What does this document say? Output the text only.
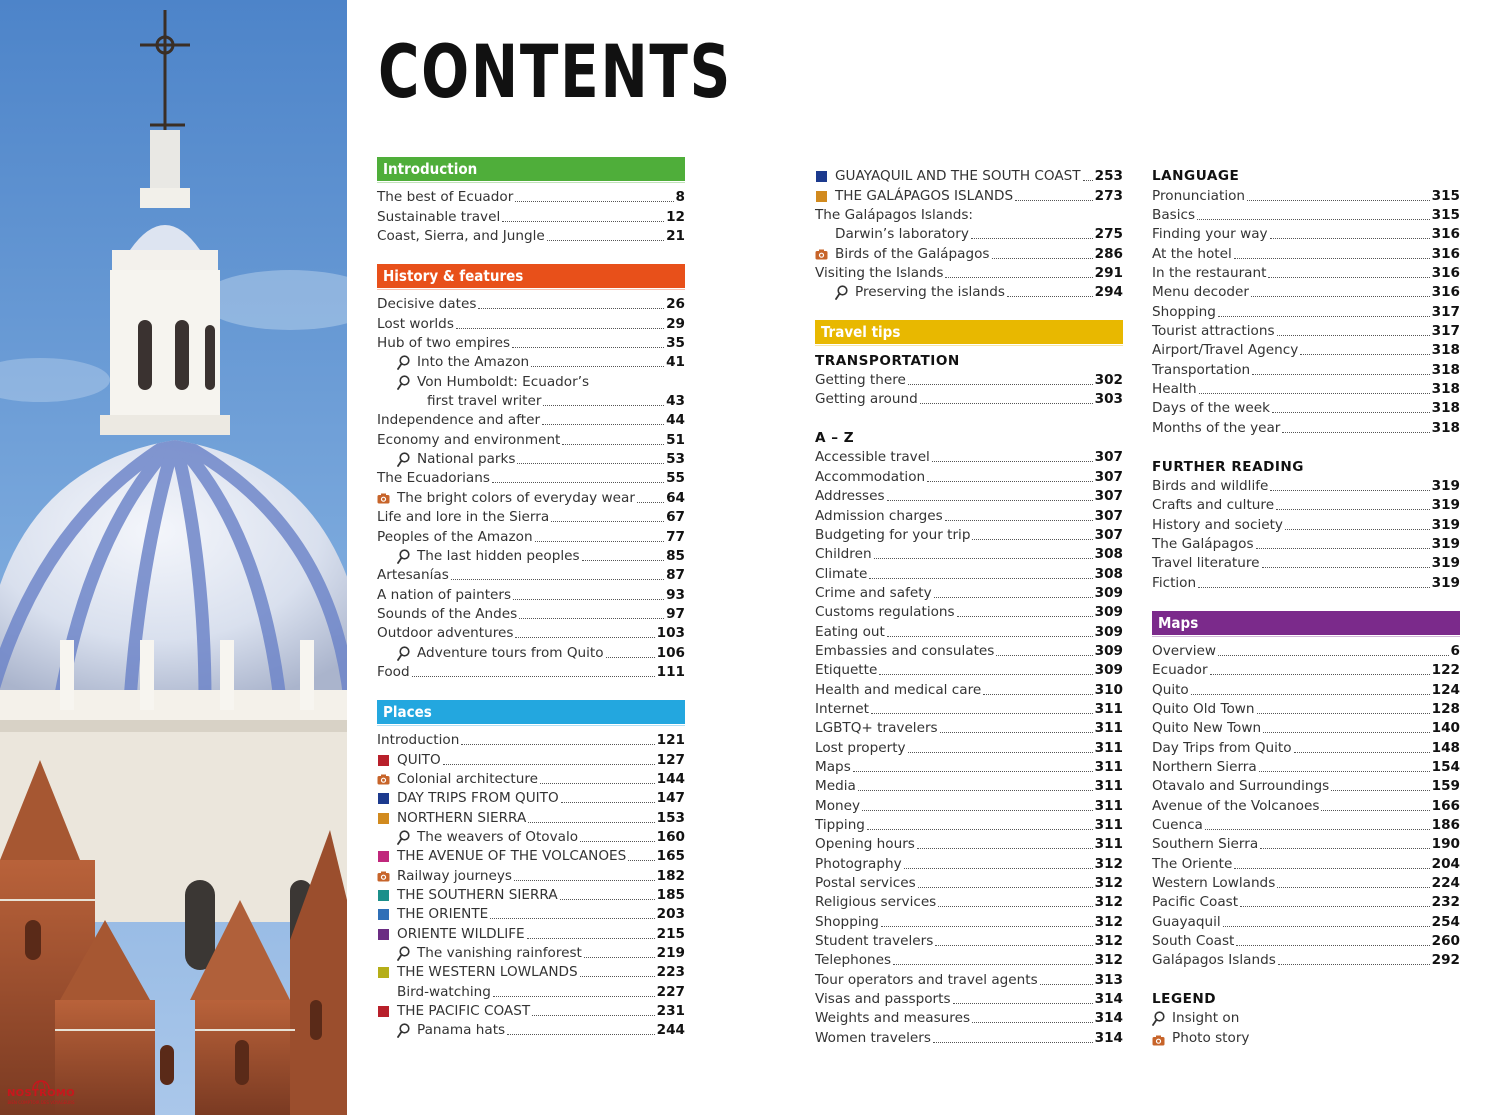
NOSTROMO
BIEN COMPTOIR DES VOYAGEURS
CONTENTS
Introduction
The best of Ecuador	8
Sustainable travel	12
Coast, Sierra, and Jungle	21
History & features
Decisive dates	26
Lost worlds	29
Hub of two empires	35
Into the Amazon	41
Von Humboldt: Ecuador’s
first travel writer	43
Independence and after	44
Economy and environment	51
National parks	53
The Ecuadorians	55
The bright colors of everyday wear 64
Life and lore in the Sierra	67
Peoples of the Amazon	77
The last hidden peoples	85
Artesanías	87
A nation of painters	93
Sounds of the Andes	97
Outdoor adventures	103
Adventure tours from Quito	106
Food	111
Places
Introduction	121
QUITO	127
Colonial architecture	144
DAY TRIPS FROM QUITO	147
NORTHERN SIERRA	153
The weavers of Otovalo	160
THE AVENUE OF THE VOLCANOES 165
Railway journeys	182
THE SOUTHERN SIERRA	185
THE ORIENTE	203
ORIENTE WILDLIFE	215
The vanishing rainforest	219
THE WESTERN LOWLANDS	223
Bird-watching	227
THE PACIFIC COAST	231
Panama hats	244
GUAYAQUIL AND THE SOUTH COAST 253
THE GALÁPAGOS ISLANDS	273
The Galápagos Islands:
Darwin’s laboratory	275
Birds of the Galápagos	286
Visiting the Islands	291
Preserving the islands	294
Travel tips
TRANSPORTATION
Getting there	302
Getting around	303
A – Z
Accessible travel	307
Accommodation	307
Addresses	307
Admission charges	307
Budgeting for your trip	307
Children	308
Climate	308
Crime and safety	309
Customs regulations	309
Eating out	309
Embassies and consulates	309
Etiquette	309
Health and medical care	310
Internet	311
LGBTQ+ travelers	311
Lost property	311
Maps	311
Media	311
Money	311
Tipping	311
Opening hours	311
Photography	312
Postal services	312
Religious services	312
Shopping	312
Student travelers	312
Telephones	312
Tour operators and travel agents	313
Visas and passports	314
Weights and measures	314
Women travelers	314
LANGUAGE
Pronunciation	315
Basics	315
Finding your way	316
At the hotel	316
In the restaurant	316
Menu decoder	316
Shopping	317
Tourist attractions	317
Airport/Travel Agency	318
Transportation	318
Health	318
Days of the week	318
Months of the year	318
FURTHER READING
Birds and wildlife	319
Crafts and culture	319
History and society	319
The Galápagos	319
Travel literature	319
Fiction	319
Maps
Overview	6
Ecuador	122
Quito	124
Quito Old Town	128
Quito New Town	140
Day Trips from Quito	148
Northern Sierra	154
Otavalo and Surroundings	159
Avenue of the Volcanoes	166
Cuenca	186
Southern Sierra	190
The Oriente	204
Western Lowlands	224
Pacific Coast	232
Guayaquil	254
South Coast	260
Galápagos Islands	292
LEGEND
Insight on
Photo story
